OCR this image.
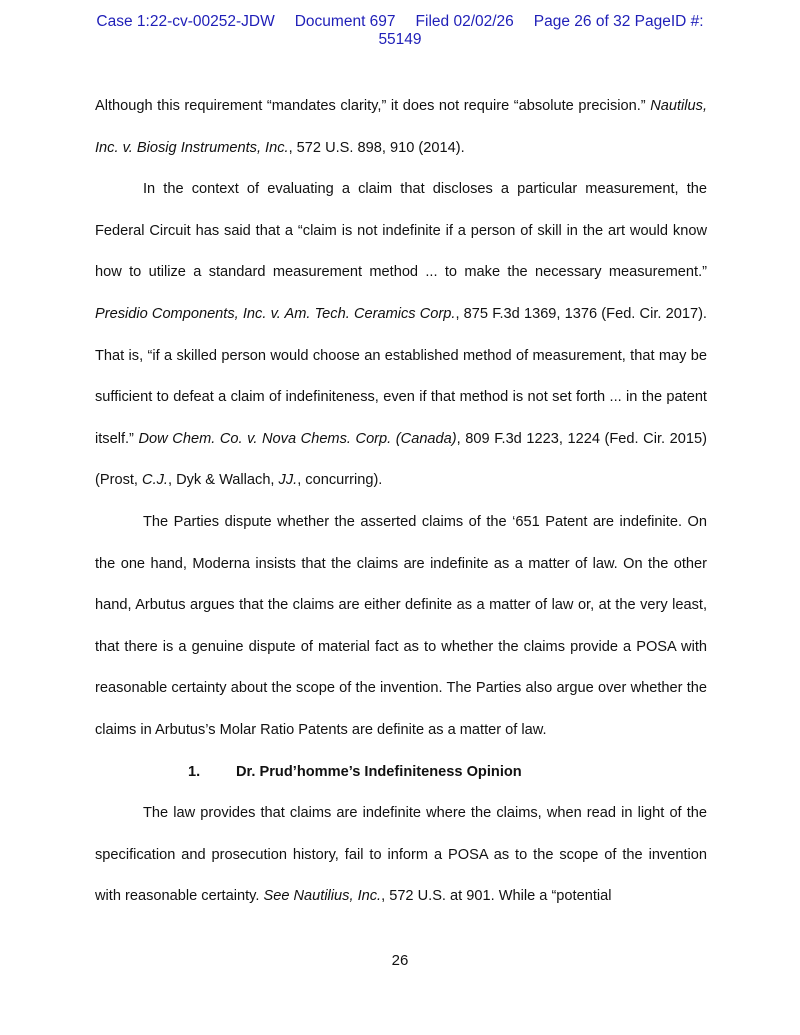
Case 1:22-cv-00252-JDW Document 697 Filed 02/02/26 Page 26 of 32 PageID #:
55149

Although this requirement “mandates clarity,” it does not require “absolute precision.” Nautilus, Inc. v. Biosig Instruments, Inc., 572 U.S. 898, 910 (2014).

In the context of evaluating a claim that discloses a particular measurement, the Federal Circuit has said that a “claim is not indefinite if a person of skill in the art would know how to utilize a standard measurement method ... to make the necessary measurement.” Presidio Components, Inc. v. Am. Tech. Ceramics Corp., 875 F.3d 1369, 1376 (Fed. Cir. 2017). That is, “if a skilled person would choose an established method of measurement, that may be sufficient to defeat a claim of indefiniteness, even if that method is not set forth ... in the patent itself.” Dow Chem. Co. v. Nova Chems. Corp. (Canada), 809 F.3d 1223, 1224 (Fed. Cir. 2015) (Prost, C.J., Dyk & Wallach, JJ., concurring).

The Parties dispute whether the asserted claims of the ‘651 Patent are indefinite. On the one hand, Moderna insists that the claims are indefinite as a matter of law. On the other hand, Arbutus argues that the claims are either definite as a matter of law or, at the very least, that there is a genuine dispute of material fact as to whether the claims provide a POSA with reasonable certainty about the scope of the invention. The Parties also argue over whether the claims in Arbutus’s Molar Ratio Patents are definite as a matter of law.

1. Dr. Prud’homme’s Indefiniteness Opinion

The law provides that claims are indefinite where the claims, when read in light of the specification and prosecution history, fail to inform a POSA as to the scope of the invention with reasonable certainty. See Nautilius, Inc., 572 U.S. at 901. While a “potential

26
